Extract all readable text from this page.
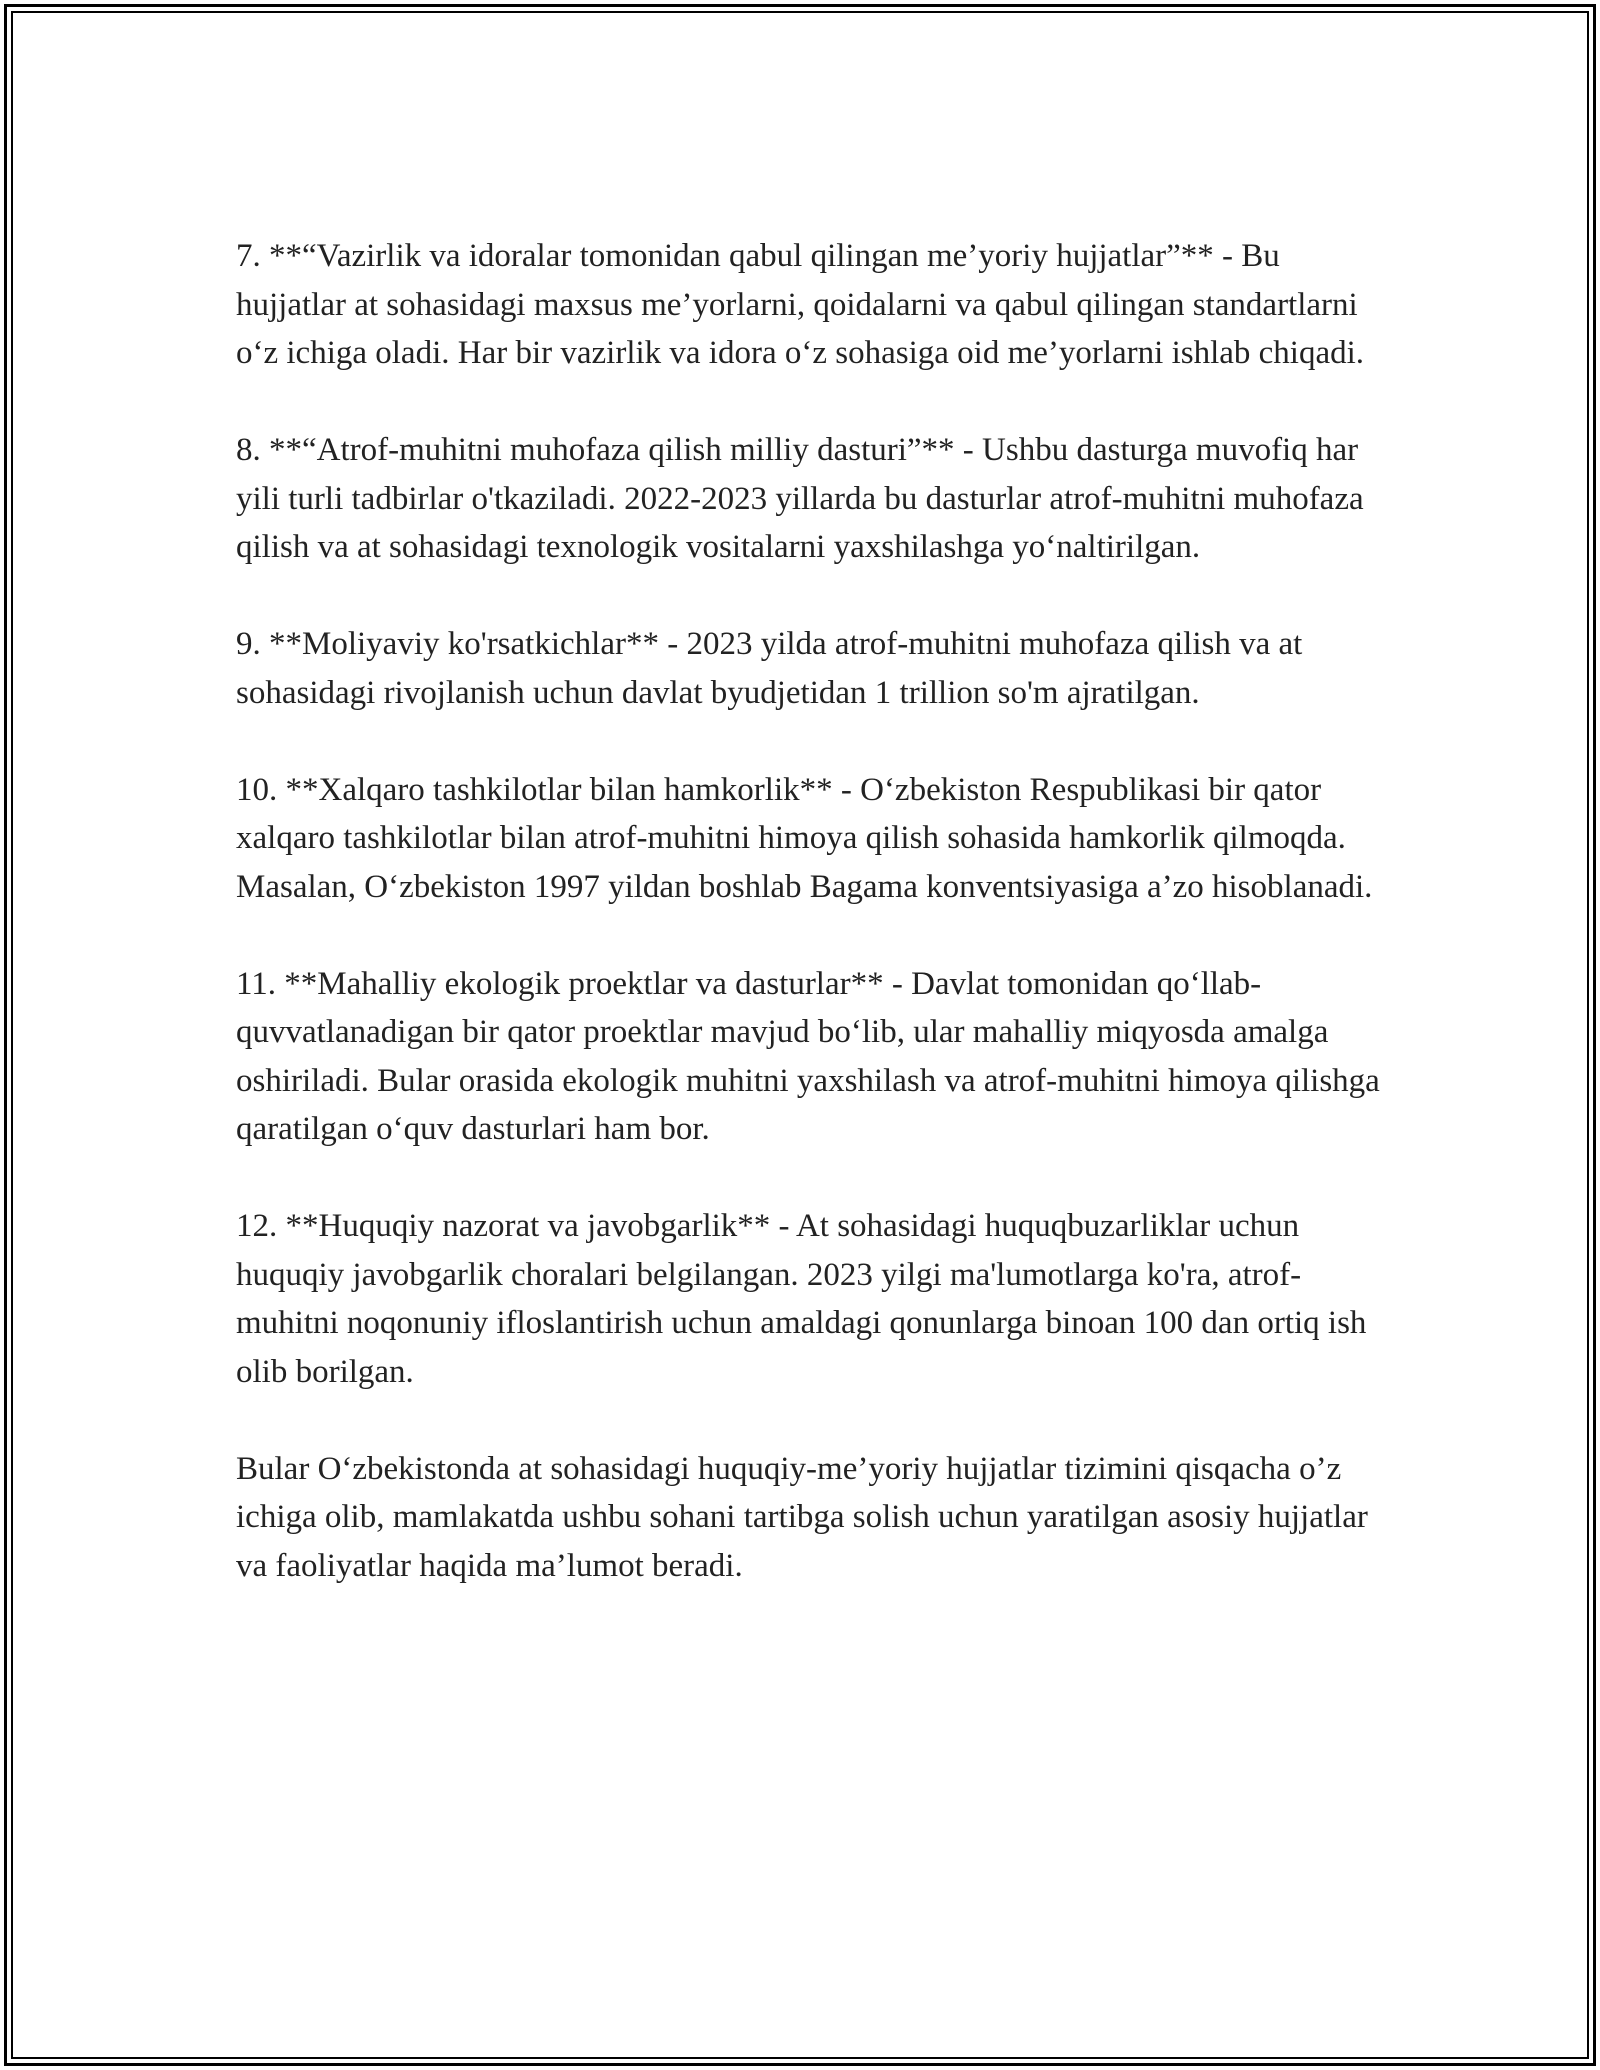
7. **“Vazirlik va idoralar tomonidan qabul qilingan me’yoriy hujjatlar”** - Bu hujjatlar at sohasidagi maxsus me’yorlarni, qoidalarni va qabul qilingan standartlarni o‘z ichiga oladi. Har bir vazirlik va idora o‘z sohasiga oid me’yorlarni ishlab chiqadi.

8. **“Atrof-muhitni muhofaza qilish milliy dasturi”** - Ushbu dasturga muvofiq har yili turli tadbirlar o'tkaziladi. 2022-2023 yillarda bu dasturlar atrof-muhitni muhofaza qilish va at sohasidagi texnologik vositalarni yaxshilashga yo‘naltirilgan.

9. **Moliyaviy ko'rsatkichlar** - 2023 yilda atrof-muhitni muhofaza qilish va at sohasidagi rivojlanish uchun davlat byudjetidan 1 trillion so'm ajratilgan.

10. **Xalqaro tashkilotlar bilan hamkorlik** - O‘zbekiston Respublikasi bir qator xalqaro tashkilotlar bilan atrof-muhitni himoya qilish sohasida hamkorlik qilmoqda. Masalan, O‘zbekiston 1997 yildan boshlab Bagama konventsiyasiga a’zo hisoblanadi.

11. **Mahalliy ekologik proektlar va dasturlar** - Davlat tomonidan qo‘llab-quvvatlanadigan bir qator proektlar mavjud bo‘lib, ular mahalliy miqyosda amalga oshiriladi. Bular orasida ekologik muhitni yaxshilash va atrof-muhitni himoya qilishga qaratilgan o‘quv dasturlari ham bor.

12. **Huquqiy nazorat va javobgarlik** - At sohasidagi huquqbuzarliklar uchun huquqiy javobgarlik choralari belgilangan. 2023 yilgi ma'lumotlarga ko'ra, atrof-muhitni noqonuniy ifloslantirish uchun amaldagi qonunlarga binoan 100 dan ortiq ish olib borilgan.

Bular O‘zbekistonda at sohasidagi huquqiy-me’yoriy hujjatlar tizimini qisqacha o’z ichiga olib, mamlakatda ushbu sohani tartibga solish uchun yaratilgan asosiy hujjatlar va faoliyatlar haqida ma’lumot beradi.
